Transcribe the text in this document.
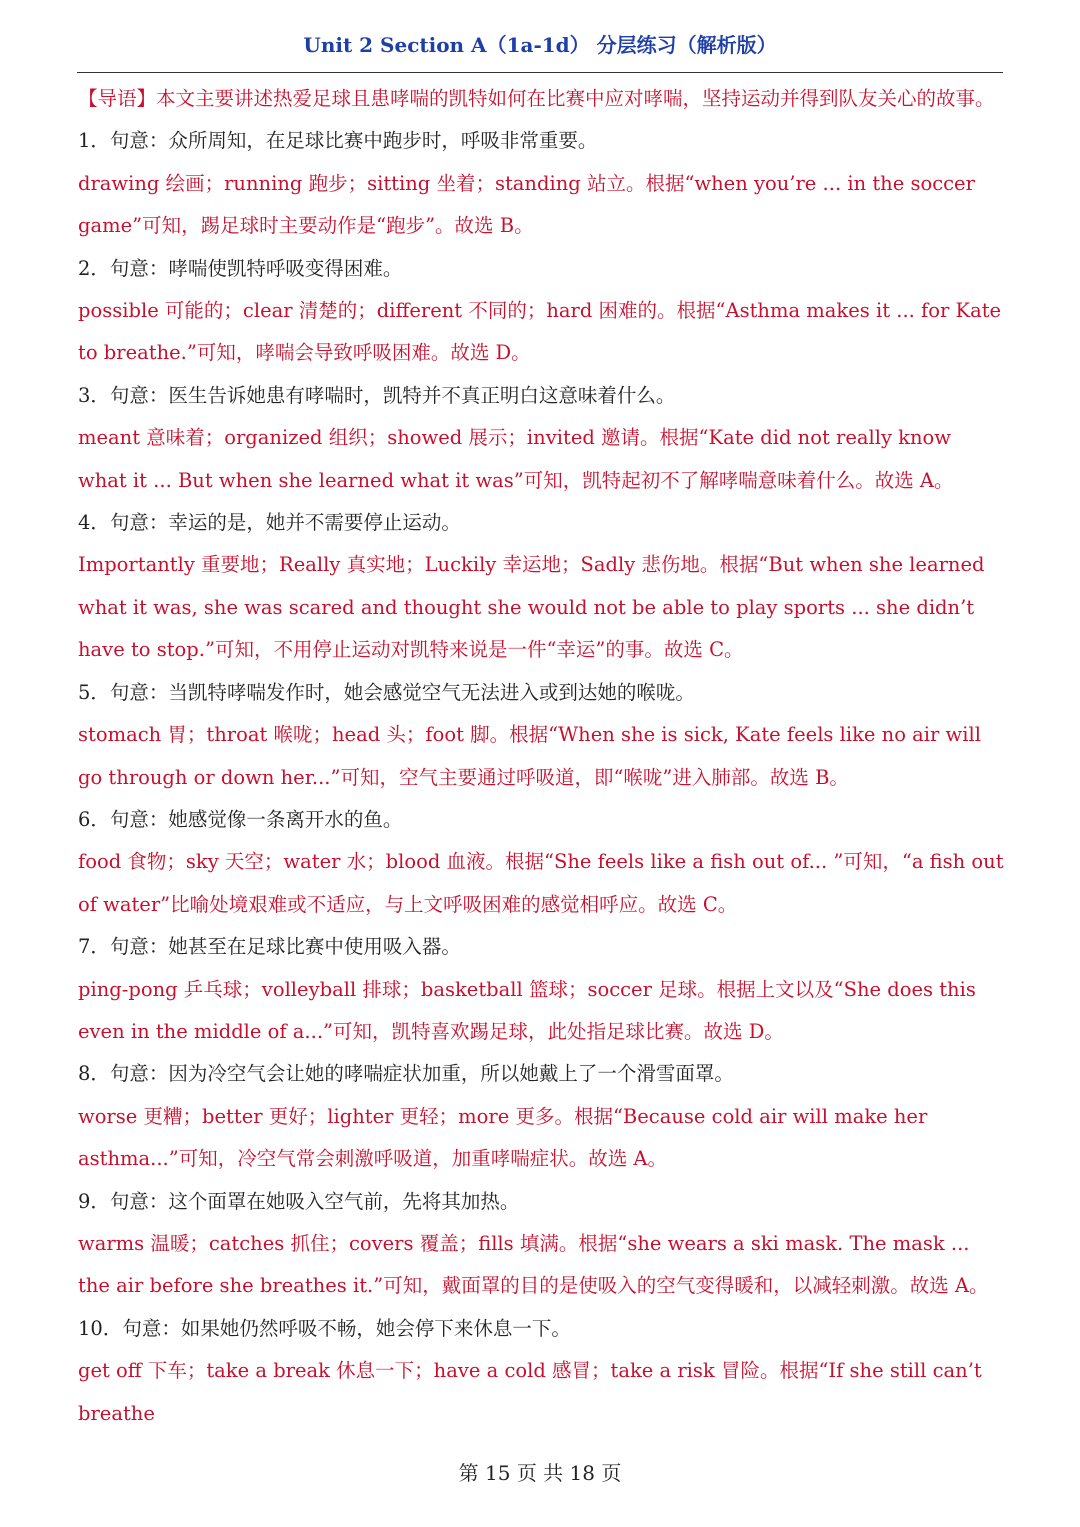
Unit 2 Section A（1a-1d） 分层练习（解析版）

【导语】本文主要讲述热爱足球且患哮喘的凯特如何在比赛中应对哮喘，坚持运动并得到队友关心的故事。

1．句意：众所周知，在足球比赛中跑步时，呼吸非常重要。

drawing 绘画；running 跑步；sitting 坐着；standing 站立。根据“when you’re ... in the soccer game”可知，踢足球时主要动作是“跑步”。故选 B。

2．句意：哮喘使凯特呼吸变得困难。

possible 可能的；clear 清楚的；different 不同的；hard 困难的。根据“Asthma makes it ... for Kate to breathe.”可知，哮喘会导致呼吸困难。故选 D。

3．句意：医生告诉她患有哮喘时，凯特并不真正明白这意味着什么。

meant 意味着；organized 组织；showed 展示；invited 邀请。根据“Kate did not really know what it ... But when she learned what it was”可知，凯特起初不了解哮喘意味着什么。故选 A。

4．句意：幸运的是，她并不需要停止运动。

Importantly 重要地；Really 真实地；Luckily 幸运地；Sadly 悲伤地。根据“But when she learned what it was, she was scared and thought she would not be able to play sports ... she didn’t have to stop.”可知，不用停止运动对凯特来说是一件“幸运”的事。故选 C。

5．句意：当凯特哮喘发作时，她会感觉空气无法进入或到达她的喉咙。

stomach 胃；throat 喉咙；head 头；foot 脚。根据“When she is sick, Kate feels like no air will go through or down her...”可知，空气主要通过呼吸道，即“喉咙”进入肺部。故选 B。

6．句意：她感觉像一条离开水的鱼。

food 食物；sky 天空；water 水；blood 血液。根据“She feels like a fish out of... ”可知，“a fish out of water”比喻处境艰难或不适应，与上文呼吸困难的感觉相呼应。故选 C。

7．句意：她甚至在足球比赛中使用吸入器。

ping-pong 乒乓球；volleyball 排球；basketball 篮球；soccer 足球。根据上文以及“She does this even in the middle of a...”可知，凯特喜欢踢足球，此处指足球比赛。故选 D。

8．句意：因为冷空气会让她的哮喘症状加重，所以她戴上了一个滑雪面罩。

worse 更糟；better 更好；lighter 更轻；more 更多。根据“Because cold air will make her asthma...”可知，冷空气常会刺激呼吸道，加重哮喘症状。故选 A。

9．句意：这个面罩在她吸入空气前，先将其加热。

warms 温暖；catches 抓住；covers 覆盖；fills 填满。根据“she wears a ski mask. The mask ... the air before she breathes it.”可知，戴面罩的目的是使吸入的空气变得暖和，以减轻刺激。故选 A。

10．句意：如果她仍然呼吸不畅，她会停下来休息一下。

get off 下车；take a break 休息一下；have a cold 感冒；take a risk 冒险。根据“If she still can’t breathe

第 15 页 共 18 页
